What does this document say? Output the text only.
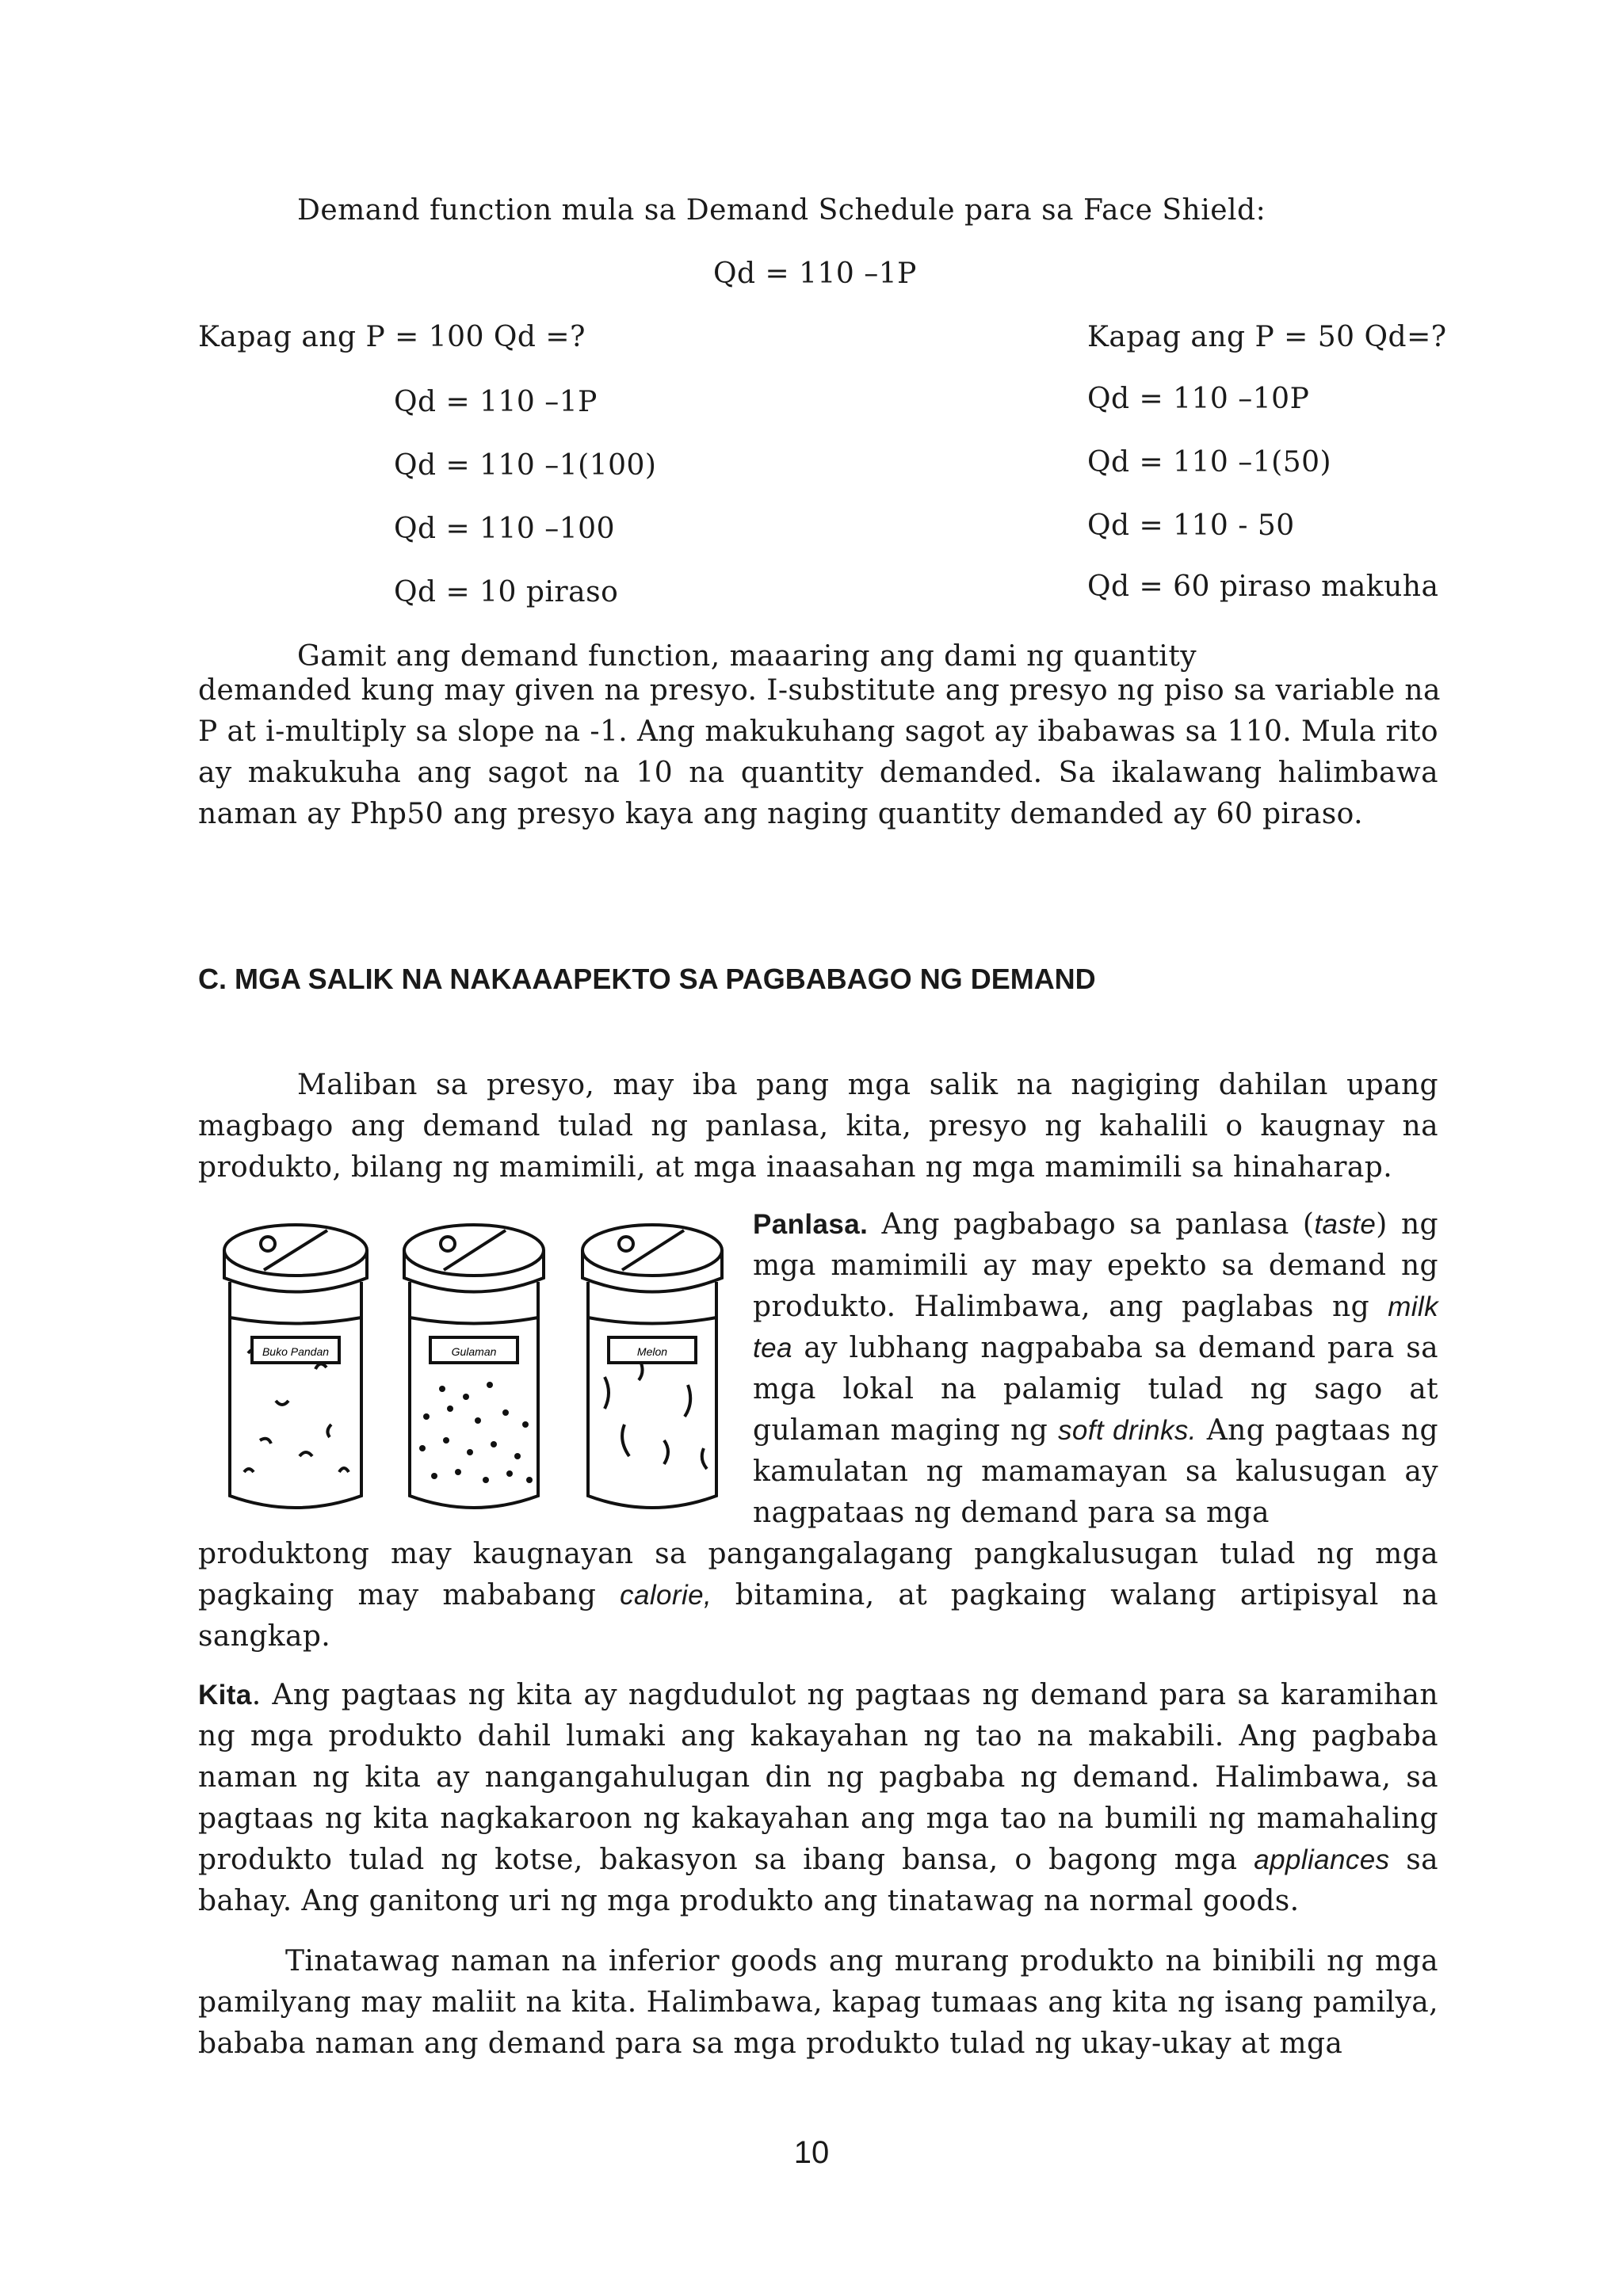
Demand function mula sa Demand Schedule para sa Face Shield:
Qd = 110 –1P
Kapag ang P = 100 Qd =?
Qd = 110 –1P
Qd = 110 –1(100)
Qd = 110 –100
Qd = 10 piraso
Kapag ang P = 50 Qd=?
Qd = 110 –10P
Qd = 110 –1(50)
Qd = 110 - 50
Qd = 60 piraso makuha
Gamit ang demand function, maaaring ang dami ng quantity
demanded kung may given na presyo. I-substitute ang presyo ng piso sa variable na
P at i-multiply sa slope na -1. Ang makukuhang sagot ay ibabawas sa 110. Mula rito
ay makukuha ang sagot na 10 na quantity demanded. Sa ikalawang halimbawa
naman ay Php50 ang presyo kaya ang naging quantity demanded ay 60 piraso.
C. MGA SALIK NA NAKAAAPEKTO SA PAGBABAGO NG DEMAND
Maliban sa presyo, may iba pang mga salik na nagiging dahilan upang
magbago ang demand tulad ng panlasa, kita, presyo ng kahalili o kaugnay na
produkto, bilang ng mamimili, at mga inaasahan ng mga mamimili sa hinaharap.
Buko Pandan	Gulaman	Melon
Panlasa. Ang pagbabago sa panlasa (taste) ng
mga mamimili ay may epekto sa demand ng
produkto. Halimbawa, ang paglabas ng milk
tea ay lubhang nagpababa sa demand para sa
mga lokal na palamig tulad ng sago at
gulaman maging ng soft drinks. Ang pagtaas ng
kamulatan ng mamamayan sa kalusugan ay
nagpataas ng demand para sa mga
produktong may kaugnayan sa pangangalagang pangkalusugan tulad ng mga
pagkaing may mababang calorie, bitamina, at pagkaing walang artipisyal na
sangkap.
Kita. Ang pagtaas ng kita ay nagdudulot ng pagtaas ng demand para sa karamihan
ng mga produkto dahil lumaki ang kakayahan ng tao na makabili. Ang pagbaba
naman ng kita ay nangangahulugan din ng pagbaba ng demand. Halimbawa, sa
pagtaas ng kita nagkakaroon ng kakayahan ang mga tao na bumili ng mamahaling
produkto tulad ng kotse, bakasyon sa ibang bansa, o bagong mga appliances sa
bahay. Ang ganitong uri ng mga produkto ang tinatawag na normal goods.
Tinatawag naman na inferior goods ang murang produkto na binibili ng mga
pamilyang may maliit na kita. Halimbawa, kapag tumaas ang kita ng isang pamilya,
bababa naman ang demand para sa mga produkto tulad ng ukay-ukay at mga
10
